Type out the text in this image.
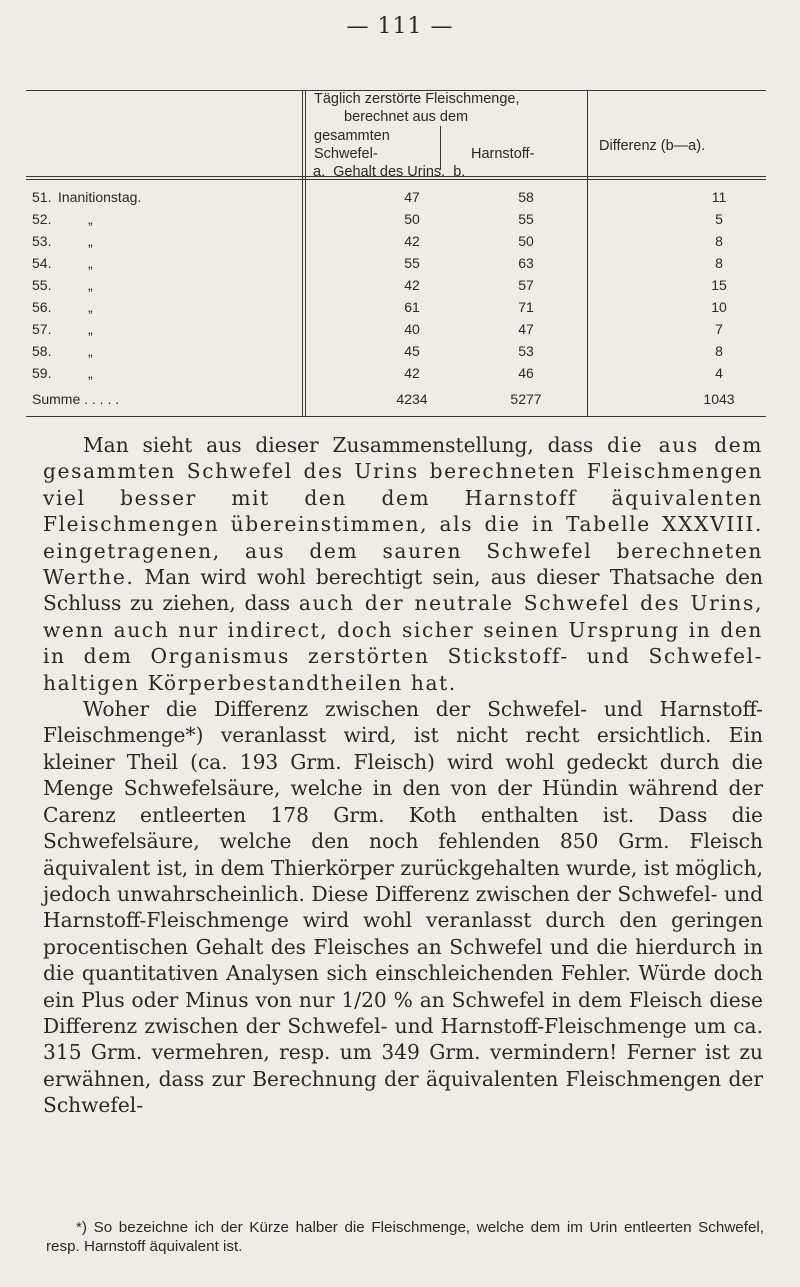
— 111 —
Täglich zerstörte Fleischmenge,
berechnet aus dem
gesammten
Schwefel-	Harnstoff-
a.  Gehalt des Urins.  b.
Differenz (b—a).
51. Inanitionstag.	47	58	11
52.	„	50	55	5
53.	„	42	50	8
54.	„	55	63	8
55.	„	42	57	15
56.	„	61	71	10
57.	„	40	47	7
58.	„	45	53	8
59.	„	42	46	4
Summe . . . . .	4234	5277	1043

Man sieht aus dieser Zusammenstellung, dass die aus dem gesammten Schwefel des Urins berechneten Fleischmengen viel besser mit den dem Harnstoff äquivalenten Fleischmengen übereinstimmen, als die in Tabelle XXXVIII. eingetragenen, aus dem sauren Schwefel berechneten Werthe. Man wird wohl berechtigt sein, aus dieser Thatsache den Schluss zu ziehen, dass auch der neutrale Schwefel des Urins, wenn auch nur indirect, doch sicher seinen Ursprung in den in dem Organismus zerstörten Stickstoff- und Schwefel-haltigen Körperbestandtheilen hat.

Woher die Differenz zwischen der Schwefel- und Harnstoff-Fleischmenge*) veranlasst wird, ist nicht recht ersichtlich. Ein kleiner Theil (ca. 193 Grm. Fleisch) wird wohl gedeckt durch die Menge Schwefelsäure, welche in den von der Hündin während der Carenz entleerten 178 Grm. Koth enthalten ist. Dass die Schwefelsäure, welche den noch fehlenden 850 Grm. Fleisch äquivalent ist, in dem Thierkörper zurückgehalten wurde, ist möglich, jedoch unwahrscheinlich. Diese Differenz zwischen der Schwefel- und Harnstoff-Fleischmenge wird wohl veranlasst durch den geringen procentischen Gehalt des Fleisches an Schwefel und die hierdurch in die quantitativen Analysen sich einschleichenden Fehler. Würde doch ein Plus oder Minus von nur 1/20 % an Schwefel in dem Fleisch diese Differenz zwischen der Schwefel- und Harnstoff-Fleischmenge um ca. 315 Grm. vermehren, resp. um 349 Grm. vermindern! Ferner ist zu erwähnen, dass zur Berechnung der äquivalenten Fleischmengen der Schwefel-

*) So bezeichne ich der Kürze halber die Fleischmenge, welche dem im Urin entleerten Schwefel, resp. Harnstoff äquivalent ist.
